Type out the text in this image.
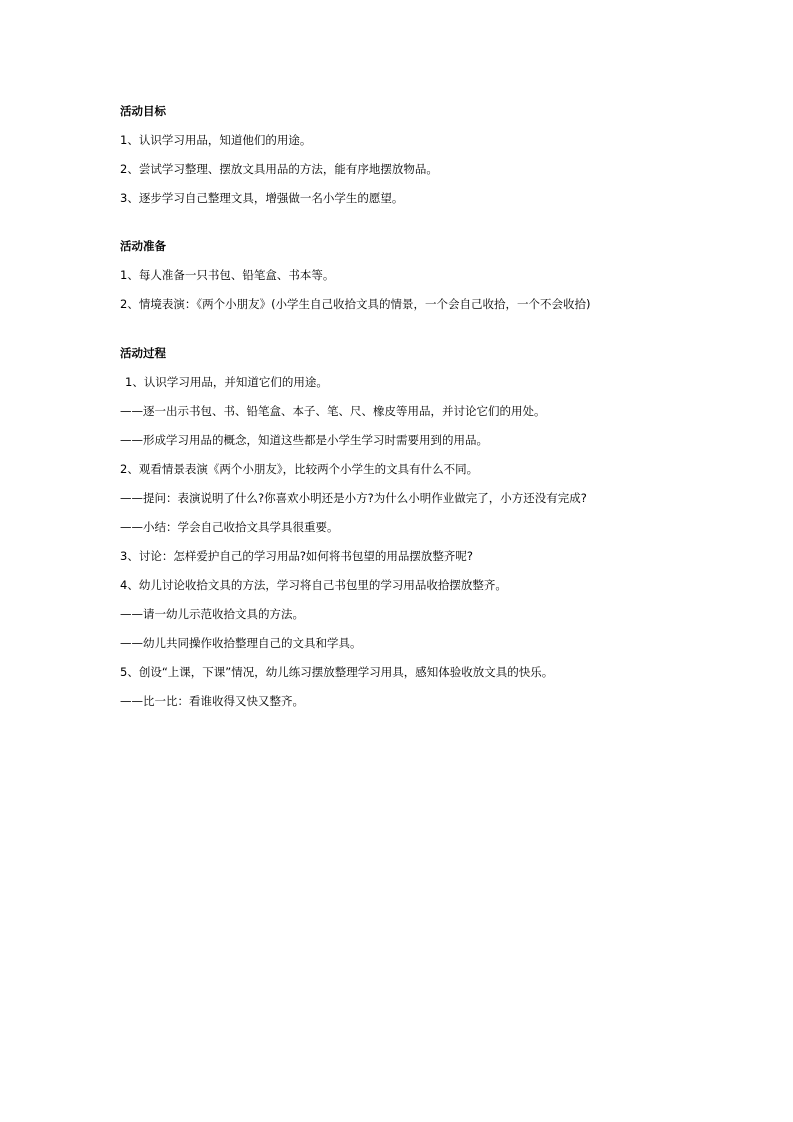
活动目标
1、认识学习用品，知道他们的用途。
2、尝试学习整理、摆放文具用品的方法，能有序地摆放物品。
3、逐步学习自己整理文具，增强做一名小学生的愿望。
活动准备
1、每人准备一只书包、铅笔盒、书本等。
2、情境表演：《两个小朋友》(小学生自己收拾文具的情景，一个会自己收拾，一个不会收拾)
活动过程
1、认识学习用品，并知道它们的用途。
——逐一出示书包、书、铅笔盒、本子、笔、尺、橡皮等用品，并讨论它们的用处。
——形成学习用品的概念，知道这些都是小学生学习时需要用到的用品。
2、观看情景表演《两个小朋友》，比较两个小学生的文具有什么不同。
——提问：表演说明了什么?你喜欢小明还是小方?为什么小明作业做完了，小方还没有完成?
——小结：学会自己收拾文具学具很重要。
3、讨论：怎样爱护自己的学习用品?如何将书包望的用品摆放整齐呢?
4、幼儿讨论收拾文具的方法，学习将自己书包里的学习用品收拾摆放整齐。
——请一幼儿示范收拾文具的方法。
——幼儿共同操作收拾整理自己的文具和学具。
5、创设“上课，下课”情况，幼儿练习摆放整理学习用具，感知体验收放文具的快乐。
——比一比：看谁收得又快又整齐。
